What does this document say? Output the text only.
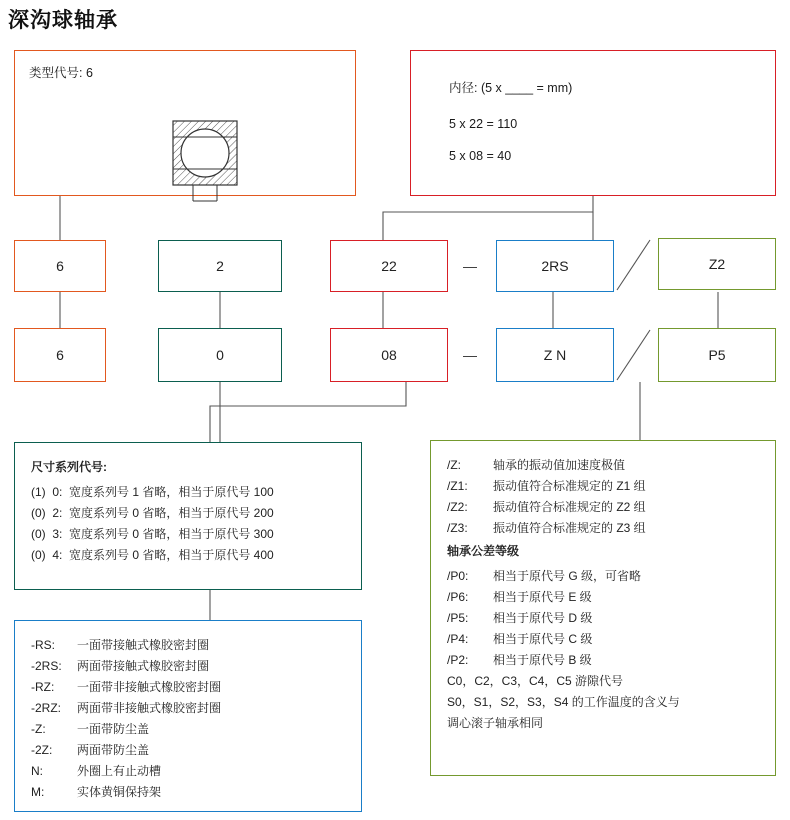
深沟球轴承
类型代号: 6
内径: (5 x ____ = mm)
5 x 22 = 110
5 x 08 = 40
6	2	22	—	2RS	Z2
6	0	08	—	Z N	P5
尺寸系列代号:
(1)  0:  宽度系列号 1 省略，相当于原代号 100
(0)  2:  宽度系列号 0 省略，相当于原代号 200
(0)  3:  宽度系列号 0 省略，相当于原代号 300
(0)  4:  宽度系列号 0 省略，相当于原代号 400
-RS:	一面带接触式橡胶密封圈
-2RS:	两面带接触式橡胶密封圈
-RZ:	一面带非接触式橡胶密封圈
-2RZ:	两面带非接触式橡胶密封圈
-Z:	一面带防尘盖
-2Z:	两面带防尘盖
N:	外圈上有止动槽
M:	实体黄铜保持架
/Z:	轴承的振动值加速度极值
/Z1:	振动值符合标准规定的 Z1 组
/Z2:	振动值符合标准规定的 Z2 组
/Z3:	振动值符合标准规定的 Z3 组
轴承公差等级
/P0:	相当于原代号 G 级，可省略
/P6:	相当于原代号 E 级
/P5:	相当于原代号 D 级
/P4:	相当于原代号 C 级
/P2:	相当于原代号 B 级
C0，C2，C3，C4，C5 游隙代号
S0，S1，S2，S3，S4 的工作温度的含义与
调心滚子轴承相同
